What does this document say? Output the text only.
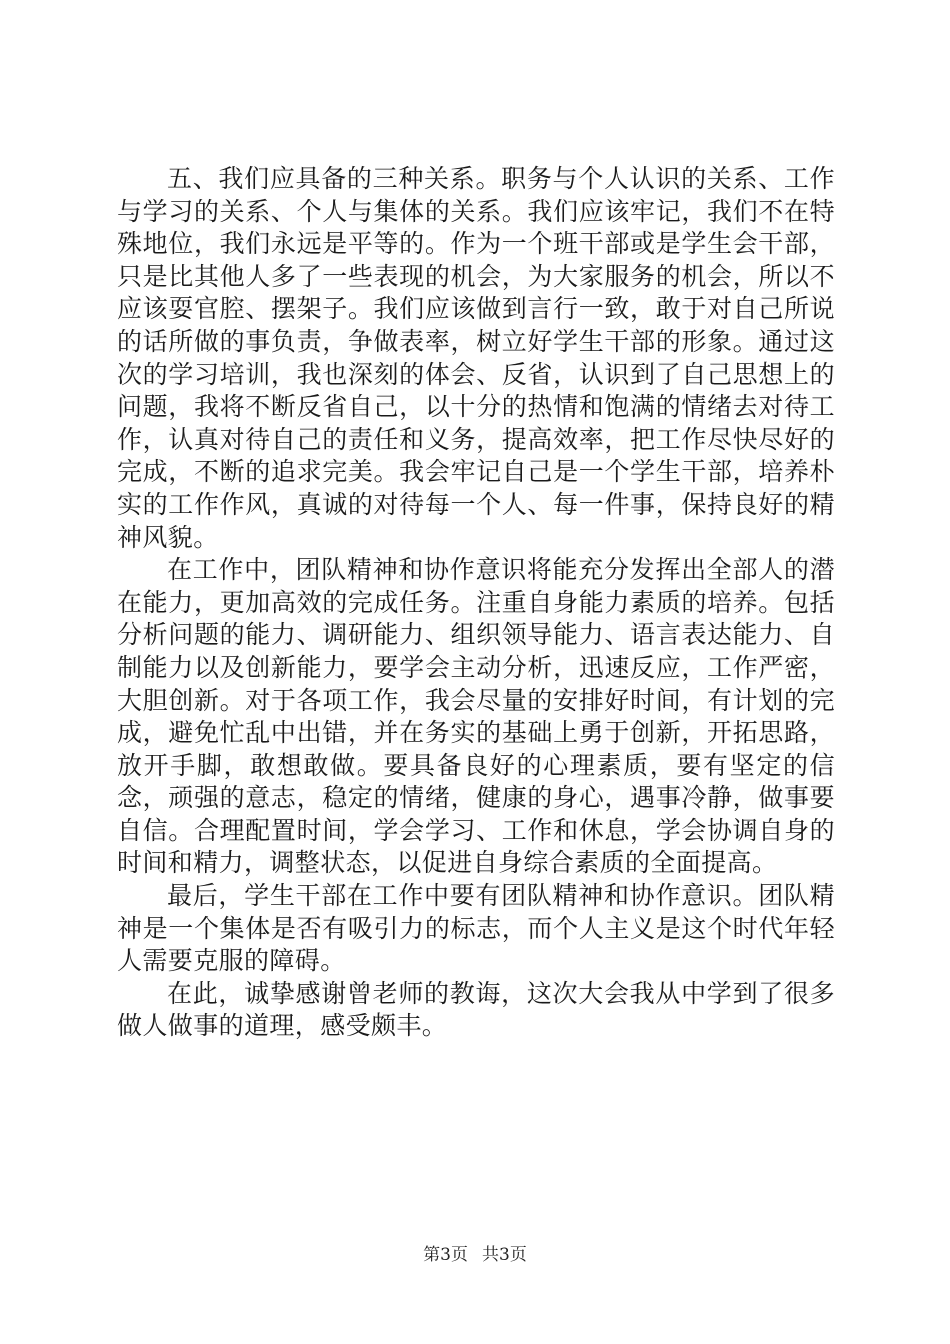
五、我们应具备的三种关系。职务与个人认识的关系、工作与学习的关系、个人与集体的关系。我们应该牢记，我们不在特殊地位，我们永远是平等的。作为一个班干部或是学生会干部，只是比其他人多了一些表现的机会，为大家服务的机会，所以不应该耍官腔、摆架子。我们应该做到言行一致，敢于对自己所说的话所做的事负责，争做表率，树立好学生干部的形象。通过这次的学习培训，我也深刻的体会、反省，认识到了自己思想上的问题，我将不断反省自己，以十分的热情和饱满的情绪去对待工作，认真对待自己的责任和义务，提高效率，把工作尽快尽好的完成，不断的追求完美。我会牢记自己是一个学生干部，培养朴实的工作作风，真诚的对待每一个人、每一件事，保持良好的精神风貌。

在工作中，团队精神和协作意识将能充分发挥出全部人的潜在能力，更加高效的完成任务。注重自身能力素质的培养。包括分析问题的能力、调研能力、组织领导能力、语言表达能力、自制能力以及创新能力，要学会主动分析，迅速反应，工作严密，大胆创新。对于各项工作，我会尽量的安排好时间，有计划的完成，避免忙乱中出错，并在务实的基础上勇于创新，开拓思路，放开手脚，敢想敢做。要具备良好的心理素质，要有坚定的信念，顽强的意志，稳定的情绪，健康的身心，遇事冷静，做事要自信。合理配置时间，学会学习、工作和休息，学会协调自身的时间和精力，调整状态，以促进自身综合素质的全面提高。

最后，学生干部在工作中要有团队精神和协作意识。团队精神是一个集体是否有吸引力的标志，而个人主义是这个时代年轻人需要克服的障碍。

在此，诚挚感谢曾老师的教诲，这次大会我从中学到了很多做人做事的道理，感受颇丰。

第3页 共3页
